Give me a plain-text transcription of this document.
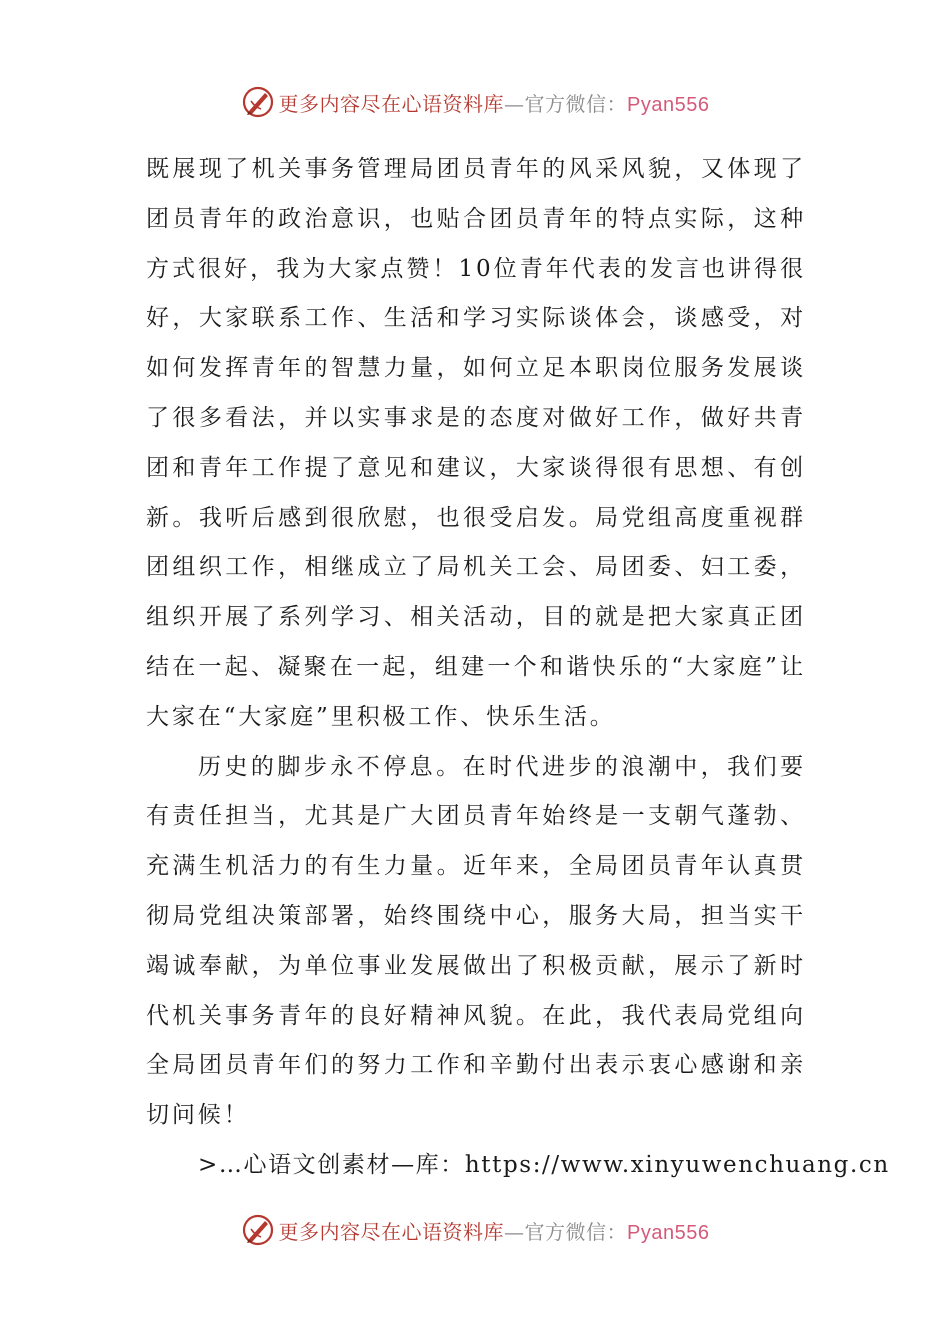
更多内容尽在心语资料库—官方微信：Pyan556

既展现了机关事务管理局团员青年的风采风貌，又体现了团员青年的政治意识，也贴合团员青年的特点实际，这种方式很好，我为大家点赞！10位青年代表的发言也讲得很好，大家联系工作、生活和学习实际谈体会，谈感受，对如何发挥青年的智慧力量，如何立足本职岗位服务发展谈了很多看法，并以实事求是的态度对做好工作，做好共青团和青年工作提了意见和建议，大家谈得很有思想、有创新。我听后感到很欣慰，也很受启发。局党组高度重视群团组织工作，相继成立了局机关工会、局团委、妇工委，组织开展了系列学习、相关活动，目的就是把大家真正团结在一起、凝聚在一起，组建一个和谐快乐的“大家庭”让大家在“大家庭”里积极工作、快乐生活。

历史的脚步永不停息。在时代进步的浪潮中，我们要有责任担当，尤其是广大团员青年始终是一支朝气蓬勃、充满生机活力的有生力量。近年来，全局团员青年认真贯彻局党组决策部署，始终围绕中心，服务大局，担当实干竭诚奉献，为单位事业发展做出了积极贡献，展示了新时代机关事务青年的良好精神风貌。在此，我代表局党组向全局团员青年们的努力工作和辛勤付出表示衷心感谢和亲切问候！

>…心语文创素材—库：https://www.xinyuwenchuang.cn

更多内容尽在心语资料库—官方微信：Pyan556
